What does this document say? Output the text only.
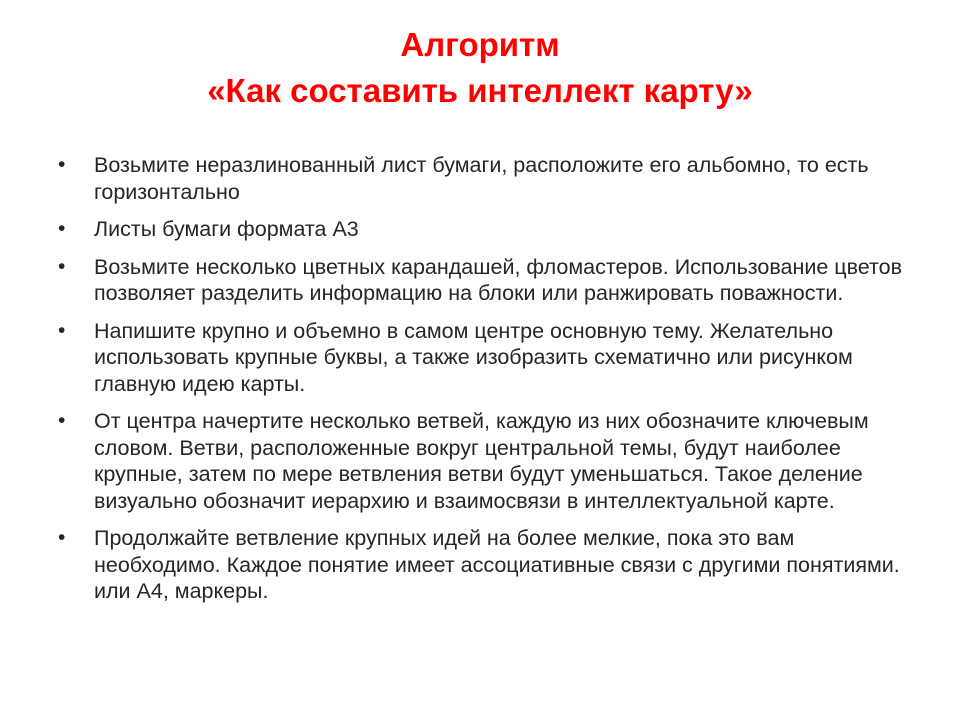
Алгоритм
«Как составить интеллект карту»
•	Возьмите неразлинованный лист бумаги, расположите его альбомно, то есть горизонтально
•	Листы бумаги формата А3
•	Возьмите несколько цветных карандашей, фломастеров. Использование цветов позволяет разделить информацию на блоки или ранжировать поважности.
•	Напишите крупно и объемно в самом центре основную тему. Желательно использовать крупные буквы, а также изобразить схематично или рисунком главную идею карты.
•	От центра начертите несколько ветвей, каждую из них обозначите ключевым словом. Ветви, расположенные вокруг центральной темы, будут наиболее крупные, затем по мере ветвления ветви будут уменьшаться. Такое деление визуально обозначит иерархию и взаимосвязи в интеллектуальной карте.
•	Продолжайте ветвление крупных идей на более мелкие, пока это вам необходимо. Каждое понятие имеет ассоциативные связи с другими понятиями. или А4, маркеры.
